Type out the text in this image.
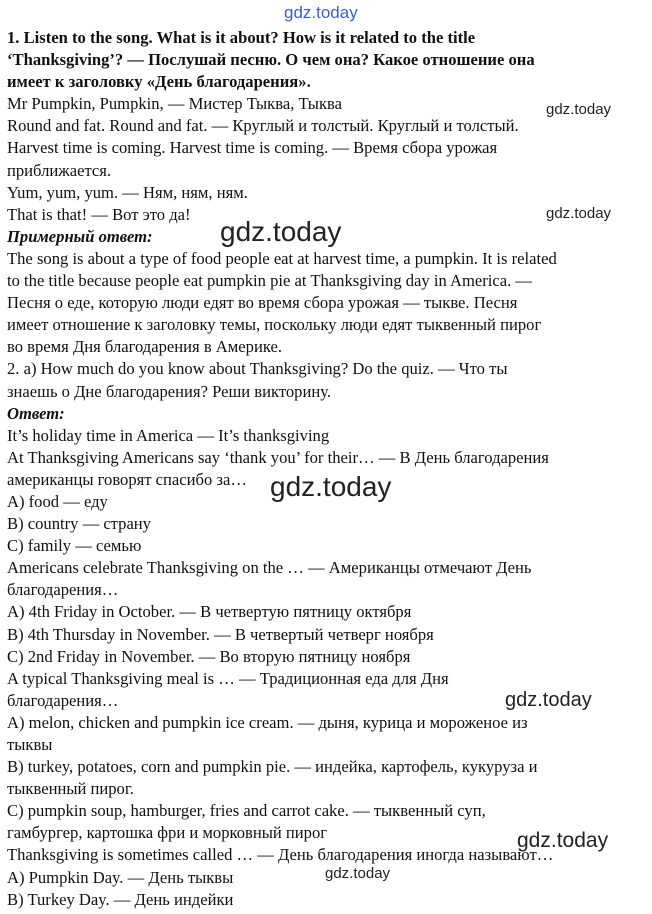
gdz.today
1. Listen to the song. What is it about? How is it related to the title
‘Thanksgiving’? — Послушай песню. О чем она? Какое отношение она
имеет к заголовку «День благодарения».
Mr Pumpkin, Pumpkin, — Мистер Тыква, Тыква
Round and fat. Round and fat. — Круглый и толстый. Круглый и толстый.
Harvest time is coming. Harvest time is coming. — Время сбора урожая
приближается.
Yum, yum, yum. — Ням, ням, ням.
That is that! — Вот это да!
Примерный ответ:
The song is about a type of food people eat at harvest time, a pumpkin. It is related
to the title because people eat pumpkin pie at Thanksgiving day in America. —
Песня о еде, которую люди едят во время сбора урожая — тыкве. Песня
имеет отношение к заголовку темы, поскольку люди едят тыквенный пирог
во время Дня благодарения в Америке.
2. a) How much do you know about Thanksgiving? Do the quiz. — Что ты
знаешь о Дне благодарения? Реши викторину.
Ответ:
It’s holiday time in America — It’s thanksgiving
At Thanksgiving Americans say ‘thank you’ for their… — В День благодарения
американцы говорят спасибо за…
A) food — еду
B) country — страну
C) family — семью
Americans celebrate Thanksgiving on the … — Американцы отмечают День
благодарения…
A) 4th Friday in October. — В четвертую пятницу октября
B) 4th Thursday in November. — В четвертый четверг ноября
C) 2nd Friday in November. — Во вторую пятницу ноября
A typical Thanksgiving meal is … — Традиционная еда для Дня
благодарения…
A) melon, chicken and pumpkin ice cream. — дыня, курица и мороженое из
тыквы
B) turkey, potatoes, corn and pumpkin pie. — индейка, картофель, кукуруза и
тыквенный пирог.
C) pumpkin soup, hamburger, fries and carrot cake. — тыквенный суп,
гамбургер, картошка фри и морковный пирог
Thanksgiving is sometimes called … — День благодарения иногда называют…
A) Pumpkin Day. — День тыквы
B) Turkey Day. — День индейки
gdz.today
gdz.today
gdz.today
gdz.today
gdz.today
gdz.today
gdz.today
